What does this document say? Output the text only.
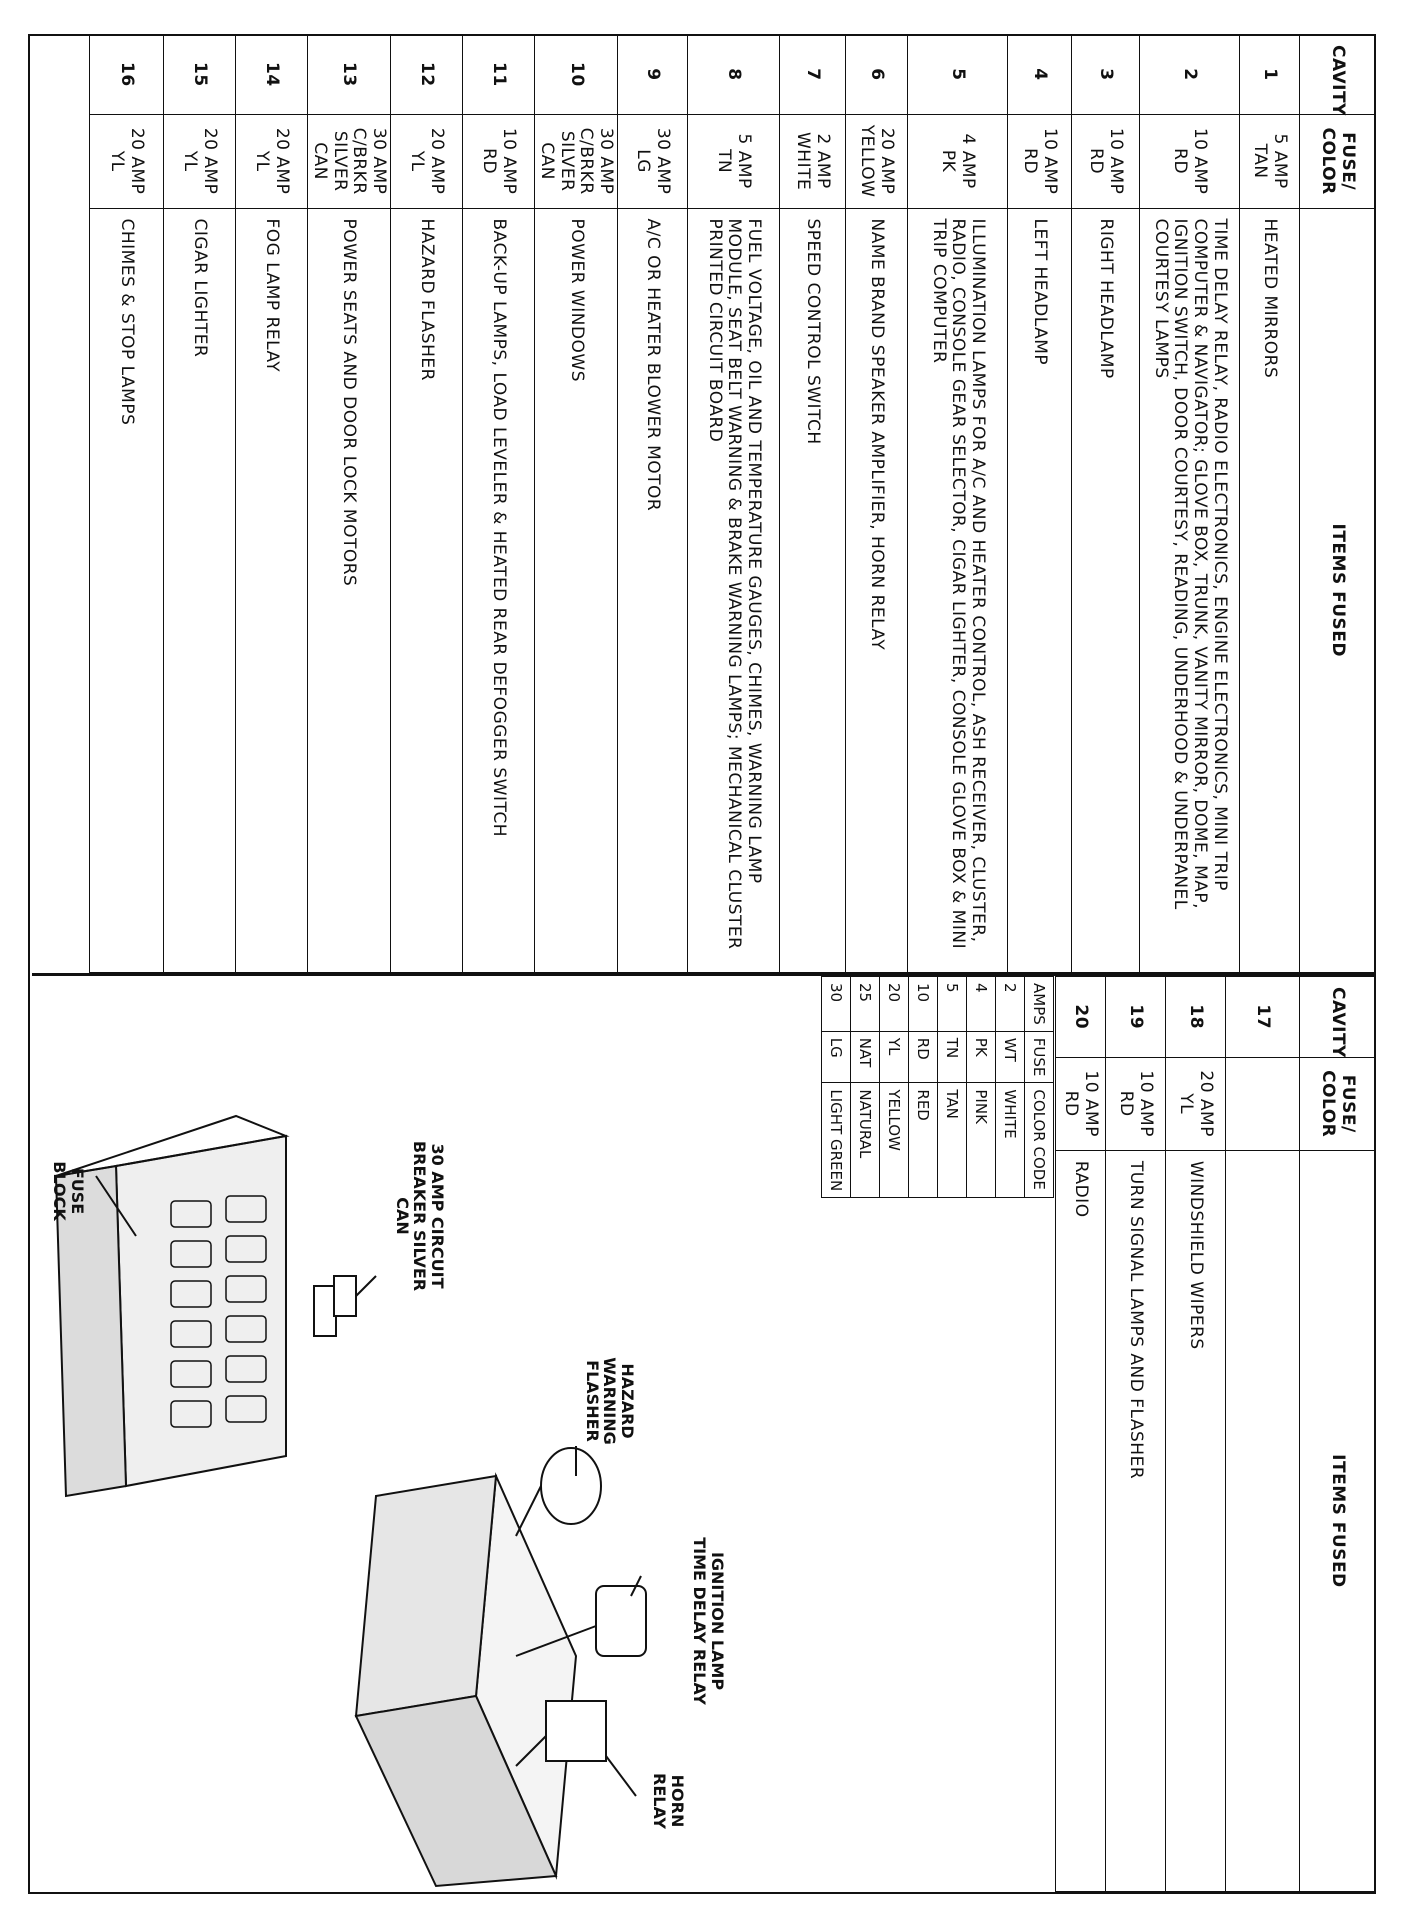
CAVITY	FUSE/ COLOR	ITEMS FUSED
1	5 AMP TAN	HEATED MIRRORS
2	10 AMP RD	TIME DELAY RELAY, RADIO ELECTRONICS, ENGINE ELECTRONICS, MINI TRIP COMPUTER & NAVIGATOR; GLOVE BOX, TRUNK, VANITY MIRROR, DOME, MAP, IGNITION SWITCH, DOOR COURTESY, READING, UNDERHOOD & UNDERPANEL COURTESY LAMPS
3	10 AMP RD	RIGHT HEADLAMP
4	10 AMP RD	LEFT HEADLAMP
5	4 AMP PK	ILLUMINATION LAMPS FOR A/C AND HEATER CONTROL, ASH RECEIVER, CLUSTER, RADIO, CONSOLE GEAR SELECTOR, CIGAR LIGHTER, CONSOLE GLOVE BOX & MINI TRIP COMPUTER
6	20 AMP YELLOW	NAME BRAND SPEAKER AMPLIFIER, HORN RELAY
7	2 AMP WHITE	SPEED CONTROL SWITCH
8	5 AMP TN	FUEL VOLTAGE, OIL AND TEMPERATURE GAUGES, CHIMES, WARNING LAMP MODULE, SEAT BELT WARNING & BRAKE WARNING LAMPS; MECHANICAL CLUSTER PRINTED CIRCUIT BOARD
9	30 AMP LG	A/C OR HEATER BLOWER MOTOR
10	30 AMP C/BRKR SILVER CAN	POWER WINDOWS
11	10 AMP RD	BACK-UP LAMPS, LOAD LEVELER & HEATED REAR DEFOGGER SWITCH
12	20 AMP YL	HAZARD FLASHER
13	30 AMP C/BRKR SILVER CAN	POWER SEATS AND DOOR LOCK MOTORS
14	20 AMP YL	FOG LAMP RELAY
15	20 AMP YL	CIGAR LIGHTER
16	20 AMP YL	CHIMES & STOP LAMPS
CAVITY	FUSE/ COLOR	ITEMS FUSED
17		
18	20 AMP YL	WINDSHIELD WIPERS
19	10 AMP RD	TURN SIGNAL LAMPS AND FLASHER
20	10 AMP RD	RADIO
AMPS	FUSE	COLOR CODE
2	WT	WHITE
4	PK	PINK
5	TN	TAN
10	RD	RED
20	YL	YELLOW
25	NAT	NATURAL
30	LG	LIGHT GREEN
FUSE BLOCK	30 AMP CIRCUIT BREAKER SILVER CAN
HAZARD WARNING FLASHER
IGNITION LAMP TIME DELAY RELAY
HORN RELAY
